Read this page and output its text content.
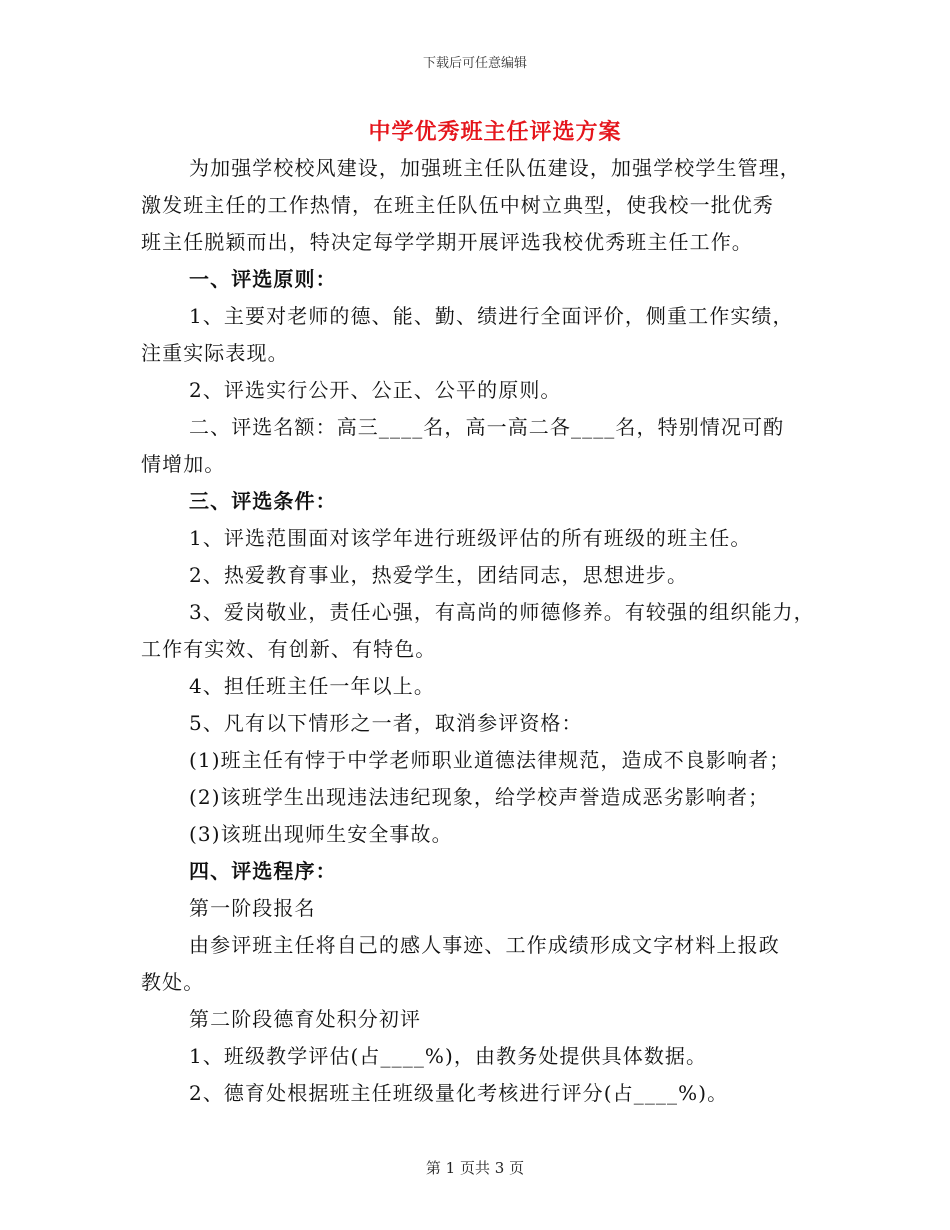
下载后可任意编辑
中学优秀班主任评选方案
为加强学校校风建设，加强班主任队伍建设，加强学校学生管理，
激发班主任的工作热情，在班主任队伍中树立典型，使我校一批优秀
班主任脱颖而出，特决定每学学期开展评选我校优秀班主任工作。
一、评选原则：
1、主要对老师的德、能、勤、绩进行全面评价，侧重工作实绩，
注重实际表现。
2、评选实行公开、公正、公平的原则。
二、评选名额：高三____名，高一高二各____名，特别情况可酌
情增加。
三、评选条件：
1、评选范围面对该学年进行班级评估的所有班级的班主任。
2、热爱教育事业，热爱学生，团结同志，思想进步。
3、爱岗敬业，责任心强，有高尚的师德修养。有较强的组织能力，
工作有实效、有创新、有特色。
4、担任班主任一年以上。
5、凡有以下情形之一者，取消参评资格：
(1)班主任有悖于中学老师职业道德法律规范，造成不良影响者；
(2)该班学生出现违法违纪现象，给学校声誉造成恶劣影响者；
(3)该班出现师生安全事故。
四、评选程序：
第一阶段报名
由参评班主任将自己的感人事迹、工作成绩形成文字材料上报政
教处。
第二阶段德育处积分初评
1、班级教学评估(占____%)，由教务处提供具体数据。
2、德育处根据班主任班级量化考核进行评分(占____%)。
第 1 页共 3 页
